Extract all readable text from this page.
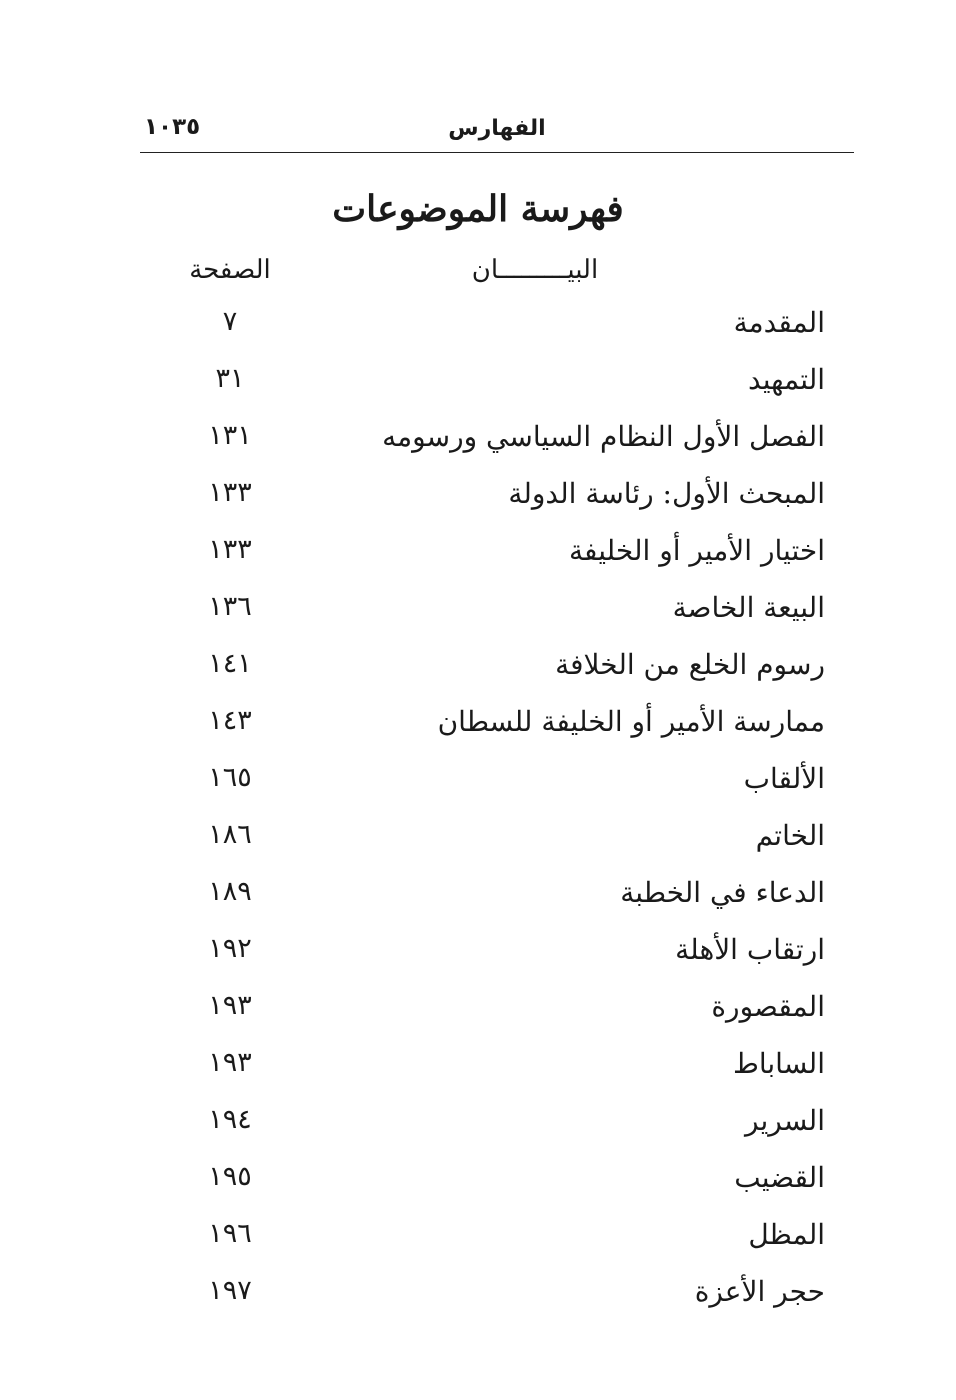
الفهارس
١٠٣٥
فهرسة الموضوعات
البيـــــــــان
الصفحة
المقدمة
٧
التمهيد
٣١
الفصل الأول النظام السياسي ورسومه
١٣١
المبحث الأول: رئاسة الدولة
١٣٣
اختيار الأمير أو الخليفة
١٣٣
البيعة الخاصة
١٣٦
رسوم الخلع من الخلافة
١٤١
ممارسة الأمير أو الخليفة للسطان
١٤٣
الألقاب
١٦٥
الخاتم
١٨٦
الدعاء في الخطبة
١٨٩
ارتقاب الأهلة
١٩٢
المقصورة
١٩٣
الساباط
١٩٣
السرير
١٩٤
القضيب
١٩٥
المظل
١٩٦
حجر الأعزة
١٩٧
